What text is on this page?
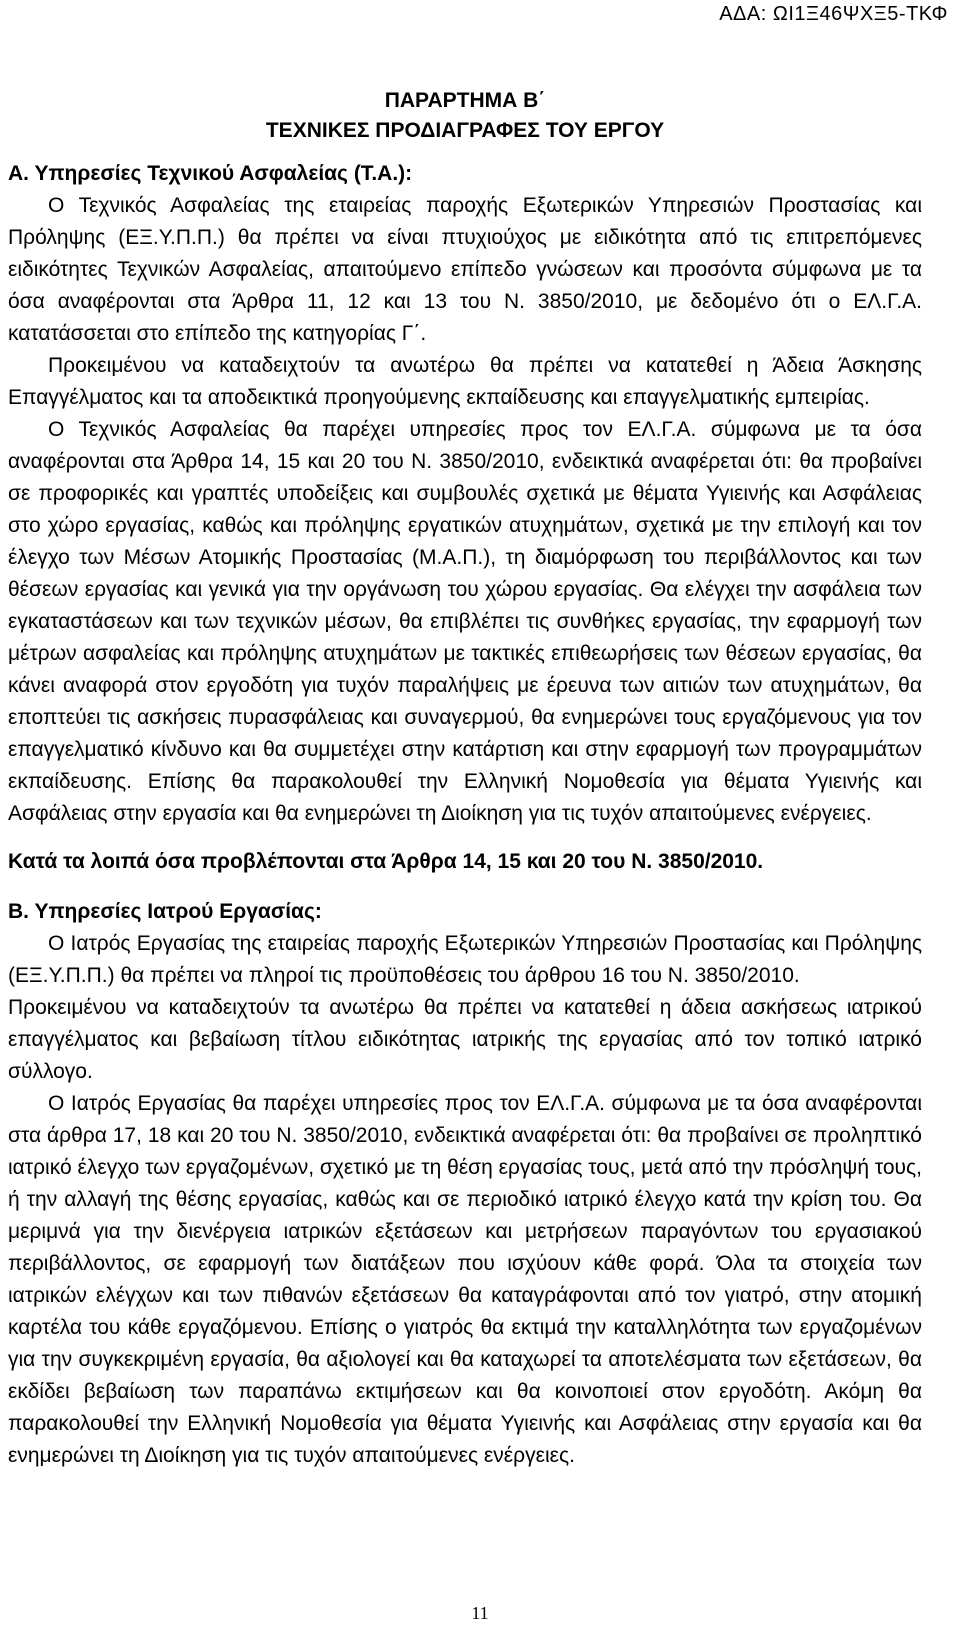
ΑΔΑ: ΩΙ1Ξ46ΨΧΞ5-ΤΚΦ
ΠΑΡΑΡΤΗΜΑ Β΄
ΤΕΧΝΙΚΕΣ ΠΡΟΔΙΑΓΡΑΦΕΣ ΤΟΥ ΕΡΓΟΥ
Α. Υπηρεσίες Τεχνικού Ασφαλείας (Τ.Α.):

Ο Τεχνικός Ασφαλείας της εταιρείας παροχής Εξωτερικών Υπηρεσιών Προστασίας και Πρόληψης (ΕΞ.Υ.Π.Π.) θα πρέπει να είναι πτυχιούχος με ειδικότητα από τις επιτρεπόμενες ειδικότητες Τεχνικών Ασφαλείας, απαιτούμενο επίπεδο γνώσεων και προσόντα σύμφωνα με τα όσα αναφέρονται στα Άρθρα 11, 12 και 13 του Ν. 3850/2010, με δεδομένο ότι ο ΕΛ.Γ.Α. κατατάσσεται στο επίπεδο της κατηγορίας Γ΄.

Προκειμένου να καταδειχτούν τα ανωτέρω θα πρέπει να κατατεθεί η Άδεια Άσκησης Επαγγέλματος και τα αποδεικτικά προηγούμενης εκπαίδευσης και επαγγελματικής εμπειρίας.

Ο Τεχνικός Ασφαλείας θα παρέχει υπηρεσίες προς τον ΕΛ.Γ.Α. σύμφωνα με τα όσα αναφέρονται στα Άρθρα 14, 15 και 20 του Ν. 3850/2010, ενδεικτικά αναφέρεται ότι: θα προβαίνει σε προφορικές και γραπτές υποδείξεις και συμβουλές σχετικά με θέματα Υγιεινής και Ασφάλειας στο χώρο εργασίας, καθώς και πρόληψης εργατικών ατυχημάτων, σχετικά με την επιλογή και τον έλεγχο των Μέσων Ατομικής Προστασίας (Μ.Α.Π.), τη διαμόρφωση του περιβάλλοντος και των θέσεων εργασίας και γενικά για την οργάνωση του χώρου εργασίας. Θα ελέγχει την ασφάλεια των εγκαταστάσεων και των τεχνικών μέσων, θα επιβλέπει τις συνθήκες εργασίας, την εφαρμογή των μέτρων ασφαλείας και πρόληψης ατυχημάτων με τακτικές επιθεωρήσεις των θέσεων εργασίας, θα κάνει αναφορά στον εργοδότη για τυχόν παραλήψεις με έρευνα των αιτιών των ατυχημάτων, θα εποπτεύει τις ασκήσεις πυρασφάλειας και συναγερμού, θα ενημερώνει τους εργαζόμενους για τον επαγγελματικό κίνδυνο και θα συμμετέχει στην κατάρτιση και στην εφαρμογή των προγραμμάτων εκπαίδευσης. Επίσης θα παρακολουθεί την Ελληνική Νομοθεσία για θέματα Υγιεινής και Ασφάλειας στην εργασία και θα ενημερώνει τη Διοίκηση για τις τυχόν απαιτούμενες ενέργειες.

Κατά τα λοιπά όσα προβλέπονται στα Άρθρα 14, 15 και 20 του Ν. 3850/2010.
Β. Υπηρεσίες Ιατρού Εργασίας:

Ο Ιατρός Εργασίας της εταιρείας παροχής Εξωτερικών Υπηρεσιών Προστασίας και Πρόληψης (ΕΞ.Υ.Π.Π.) θα πρέπει να πληροί τις προϋποθέσεις του άρθρου 16 του Ν. 3850/2010.

Προκειμένου να καταδειχτούν τα ανωτέρω θα πρέπει να κατατεθεί η άδεια ασκήσεως ιατρικού επαγγέλματος και βεβαίωση τίτλου ειδικότητας ιατρικής της εργασίας από τον τοπικό ιατρικό σύλλογο.

Ο Ιατρός Εργασίας θα παρέχει υπηρεσίες προς τον ΕΛ.Γ.Α. σύμφωνα με τα όσα αναφέρονται στα άρθρα 17, 18 και 20 του Ν. 3850/2010, ενδεικτικά αναφέρεται ότι: θα προβαίνει σε προληπτικό ιατρικό έλεγχο των εργαζομένων, σχετικό με τη θέση εργασίας τους, μετά από την πρόσληψή τους, ή την αλλαγή της θέσης εργασίας, καθώς και σε περιοδικό ιατρικό έλεγχο κατά την κρίση του. Θα μεριμνά για την διενέργεια ιατρικών εξετάσεων και μετρήσεων παραγόντων του εργασιακού περιβάλλοντος, σε εφαρμογή των διατάξεων που ισχύουν κάθε φορά. Όλα τα στοιχεία των ιατρικών ελέγχων και των πιθανών εξετάσεων θα καταγράφονται από τον γιατρό, στην ατομική καρτέλα του κάθε εργαζόμενου. Επίσης ο γιατρός θα εκτιμά την καταλληλότητα των εργαζομένων για την συγκεκριμένη εργασία, θα αξιολογεί και θα καταχωρεί τα αποτελέσματα των εξετάσεων, θα εκδίδει βεβαίωση των παραπάνω εκτιμήσεων και θα κοινοποιεί στον εργοδότη. Ακόμη θα παρακολουθεί την Ελληνική Νομοθεσία για θέματα Υγιεινής και Ασφάλειας στην εργασία και θα ενημερώνει τη Διοίκηση για τις τυχόν απαιτούμενες ενέργειες.

11
